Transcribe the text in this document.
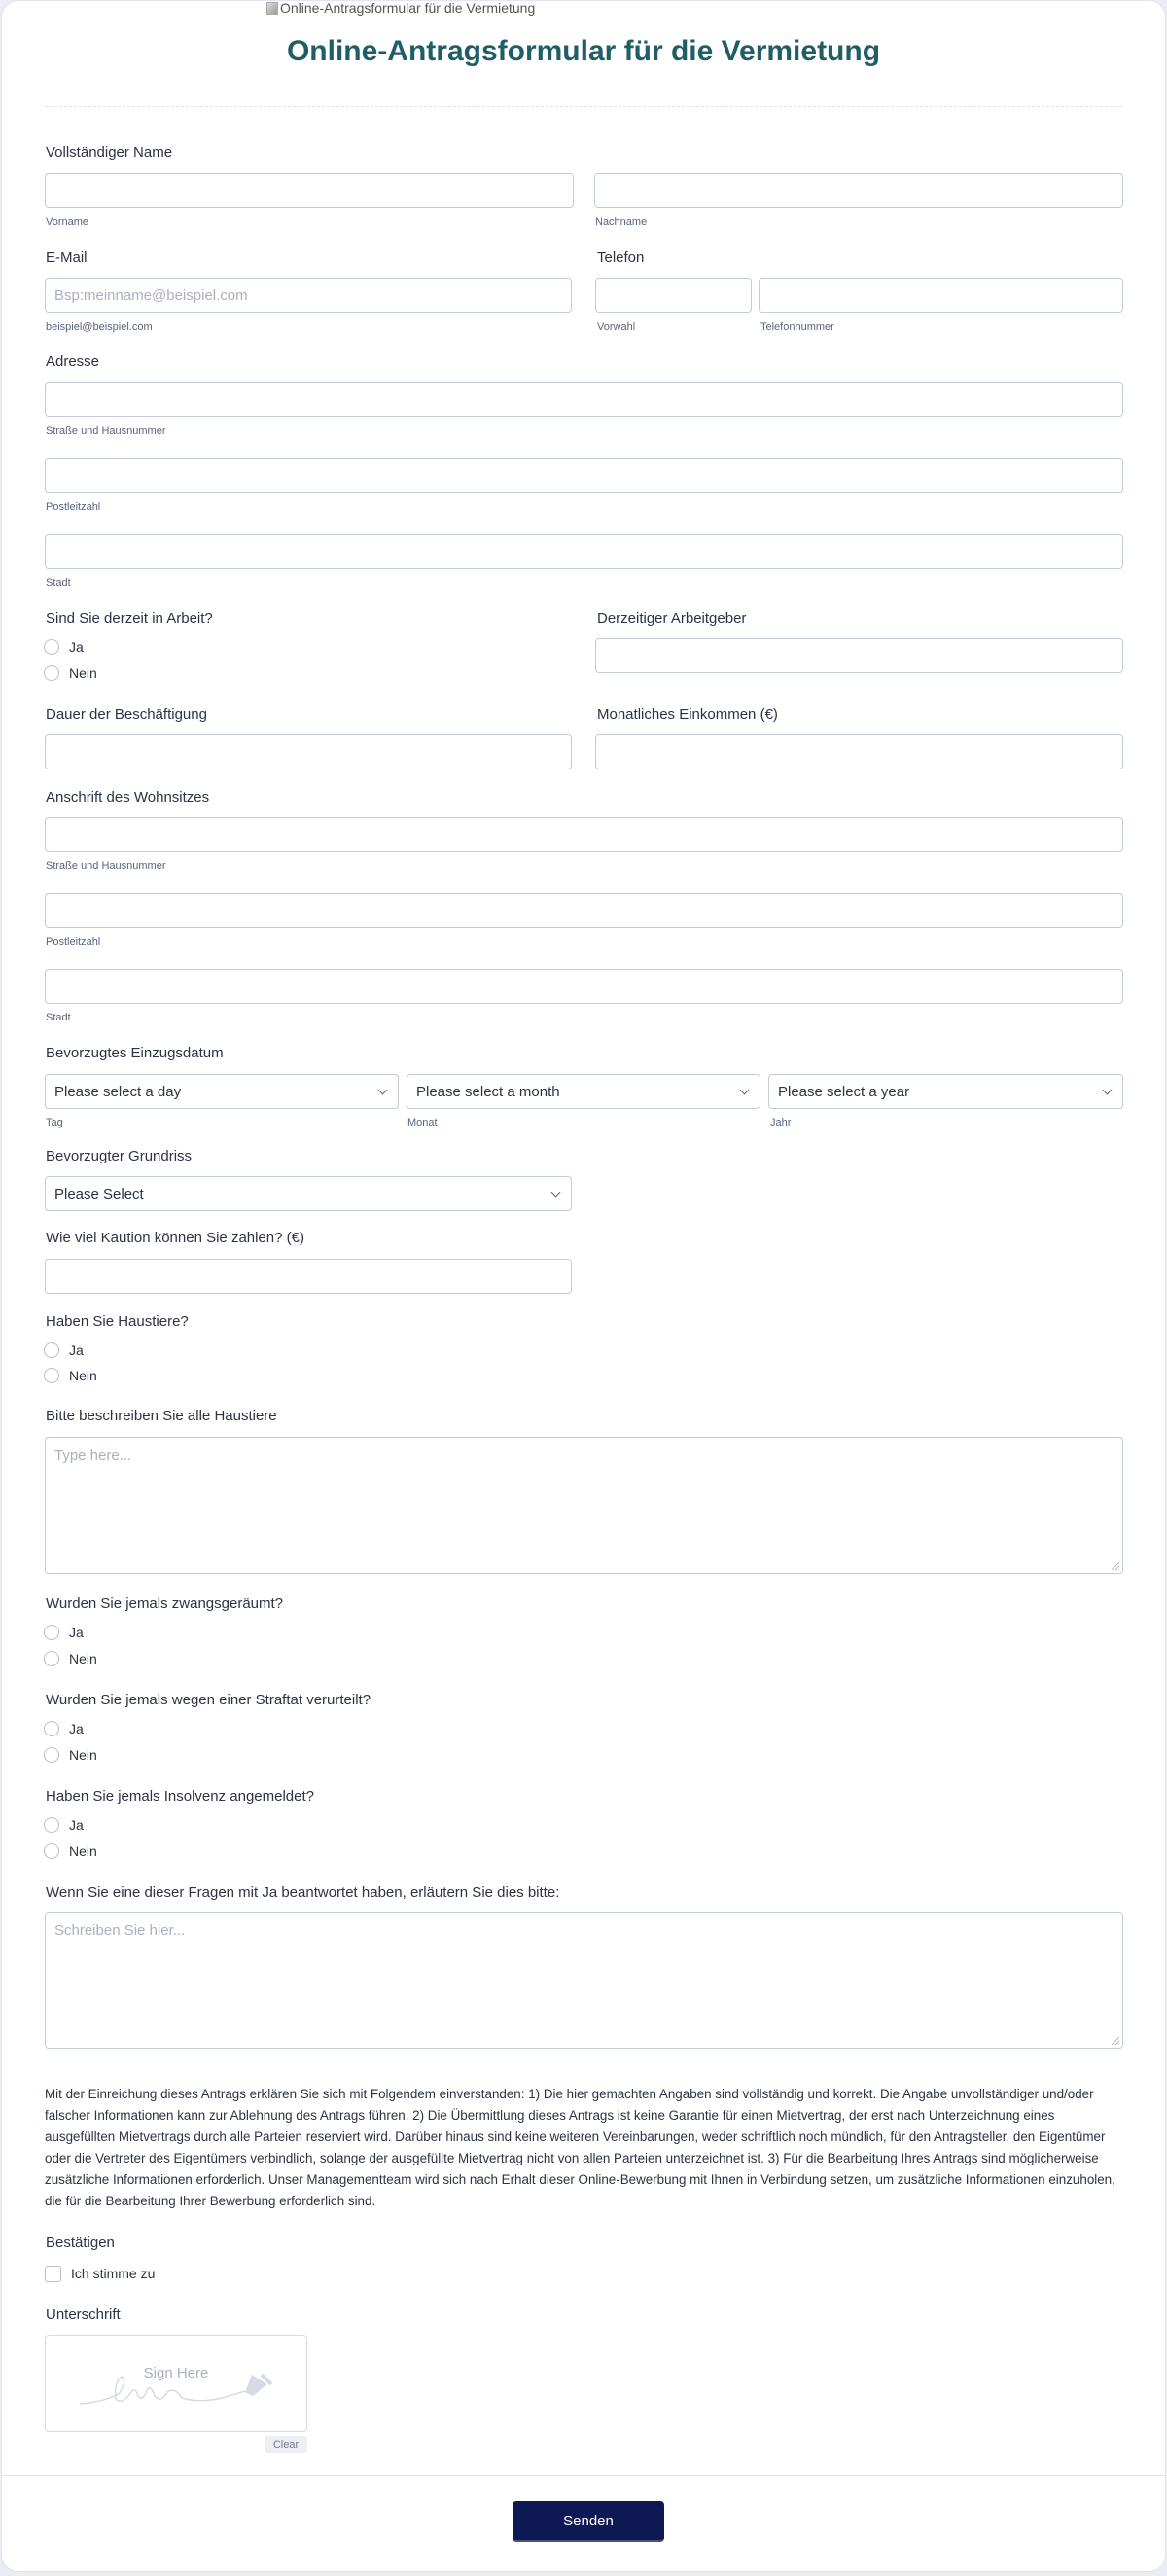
Online-Antragsformular für die Vermietung
Online-Antragsformular für die Vermietung
Vollständiger Name
Vorname	Nachname
E-Mail
Bsp:meinname@beispiel.com
beispiel@beispiel.com
Telefon
Vorwahl	Telefonnummer
Adresse
Straße und Hausnummer
Postleitzahl
Stadt
Sind Sie derzeit in Arbeit?
Ja
Nein
Derzeitiger Arbeitgeber
Dauer der Beschäftigung	Monatliches Einkommen (€)
Anschrift des Wohnsitzes
Straße und Hausnummer
Postleitzahl
Stadt
Bevorzugtes Einzugsdatum
Please select a day
Tag
Please select a month
Monat
Please select a year
Jahr
Bevorzugter Grundriss
Please Select
Wie viel Kaution können Sie zahlen? (€)
Haben Sie Haustiere?
Ja
Nein
Bitte beschreiben Sie alle Haustiere
Type here...
Wurden Sie jemals zwangsgeräumt?
Ja
Nein
Wurden Sie jemals wegen einer Straftat verurteilt?
Ja
Nein
Haben Sie jemals Insolvenz angemeldet?
Ja
Nein
Wenn Sie eine dieser Fragen mit Ja beantwortet haben, erläutern Sie dies bitte:
Schreiben Sie hier...
Mit der Einreichung dieses Antrags erklären Sie sich mit Folgendem einverstanden: 1) Die hier gemachten Angaben sind vollständig und korrekt. Die Angabe unvollständiger und/oder falscher Informationen kann zur Ablehnung des Antrags führen. 2) Die Übermittlung dieses Antrags ist keine Garantie für einen Mietvertrag, der erst nach Unterzeichnung eines ausgefüllten Mietvertrags durch alle Parteien reserviert wird. Darüber hinaus sind keine weiteren Vereinbarungen, weder schriftlich noch mündlich, für den Antragsteller, den Eigentümer oder die Vertreter des Eigentümers verbindlich, solange der ausgefüllte Mietvertrag nicht von allen Parteien unterzeichnet ist. 3) Für die Bearbeitung Ihres Antrags sind möglicherweise zusätzliche Informationen erforderlich. Unser Managementteam wird sich nach Erhalt dieser Online-Bewerbung mit Ihnen in Verbindung setzen, um zusätzliche Informationen einzuholen, die für die Bearbeitung Ihrer Bewerbung erforderlich sind.
Bestätigen
Ich stimme zu
Unterschrift
Sign Here
Clear
Senden
